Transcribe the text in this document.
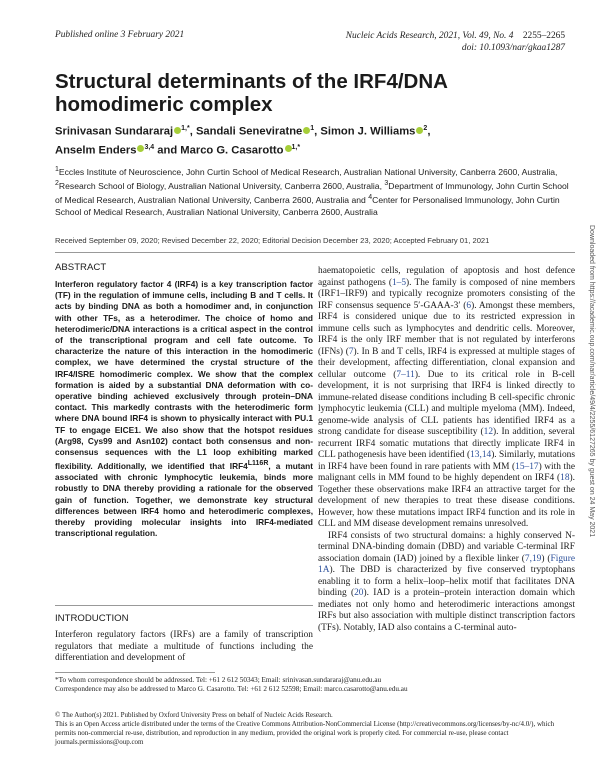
Published online 3 February 2021	Nucleic Acids Research, 2021, Vol. 49, No. 4 2255–2265
doi: 10.1093/nar/gkaa1287
Structural determinants of the IRF4/DNA homodimeric complex
Srinivasan Sundararaj $^{1,*}$, Sandali Seneviratne $^1$, Simon J. Williams $^2$,
Anselm Enders $^{3,4}$ and Marco G. Casarotto $^{1,*}$
$^1$Eccles Institute of Neuroscience, John Curtin School of Medical Research, Australian National University, Canberra 2600, Australia, $^2$Research School of Biology, Australian National University, Canberra 2600, Australia, $^3$Department of Immunology, John Curtin School of Medical Research, Australian National University, Canberra 2600, Australia and $^4$Center for Personalised Immunology, John Curtin School of Medical Research, Australian National University, Canberra 2600, Australia
Received September 09, 2020; Revised December 22, 2020; Editorial Decision December 23, 2020; Accepted February 01, 2021
ABSTRACT
Interferon regulatory factor 4 (IRF4) is a key transcription factor (TF) in the regulation of immune cells, including B and T cells. It acts by binding DNA as both a homodimer and, in conjunction with other TFs, as a heterodimer. The choice of homo and heterodimeric/DNA interactions is a critical aspect in the control of the transcriptional program and cell fate outcome. To characterize the nature of this interaction in the homodimeric complex, we have determined the crystal structure of the IRF4/ISRE homodimeric complex. We show that the complex formation is aided by a substantial DNA deformation with co-operative binding achieved exclusively through protein–DNA contact. This markedly contrasts with the heterodimeric form where DNA bound IRF4 is shown to physically interact with PU.1 TF to engage EICE1. We also show that the hotspot residues (Arg98, Cys99 and Asn102) contact both consensus and non-consensus sequences with the L1 loop exhibiting marked flexibility. Additionally, we identified that $IRF4^{L116R}$, a mutant associated with chronic lymphocytic leukemia, binds more robustly to DNA thereby providing a rationale for the observed gain of function. Together, we demonstrate key structural differences between IRF4 homo and heterodimeric complexes, thereby providing molecular insights into IRF4-mediated transcriptional regulation.
INTRODUCTION
Interferon regulatory factors (IRFs) are a family of transcription regulators that mediate a multitude of functions including the differentiation and development of

haematopoietic cells, regulation of apoptosis and host defence against pathogens (1–5). The family is composed of nine members (IRF1–IRF9) and typically recognize promoters consisting of the IRF consensus sequence 5′-GAAA-3′ (6). Amongst these members, IRF4 is considered unique due to its restricted expression in immune cells such as lymphocytes and dendritic cells. Moreover, IRF4 is the only IRF member that is not regulated by interferons (IFNs) (7). In B and T cells, IRF4 is expressed at multiple stages of their development, affecting differentiation, clonal expansion and cellular outcome (7–11). Due to its critical role in B-cell development, it is not surprising that IRF4 is linked directly to immune-related disease conditions including B cell-specific chronic lymphocytic leukemia (CLL) and multiple myeloma (MM). Indeed, genome-wide analysis of CLL patients has identified IRF4 as a strong candidate for disease susceptibility (12). In addition, several recurrent IRF4 somatic mutations that directly implicate IRF4 in CLL pathogenesis have been identified (13,14). Similarly, mutations in IRF4 have been found in rare patients with MM (15–17) with the malignant cells in MM found to be highly dependent on IRF4 (18). Together these observations make IRF4 an attractive target for the development of new therapies to treat these disease conditions. However, how these mutations impact IRF4 function and its role in CLL and MM disease development remains unresolved.

IRF4 consists of two structural domains: a highly conserved N-terminal DNA-binding domain (DBD) and variable C-terminal IRF association domain (IAD) joined by a flexible linker (7,19) (Figure 1A). The DBD is characterized by five conserved tryptophans enabling it to form a helix–loop–helix motif that facilitates DNA binding (20). IAD is a protein–protein interaction domain which mediates not only homo and heterodimeric interactions amongst IRFs but also association with multiple distinct transcription factors (TFs). Notably, IAD also contains a C-terminal auto-

*To whom correspondence should be addressed. Tel: +61 2 612 50343; Email: srinivasan.sundararaj@anu.edu.au
Correspondence may also be addressed to Marco G. Casarotto. Tel: +61 2 612 52598; Email: marco.casarotto@anu.edu.au
© The Author(s) 2021. Published by Oxford University Press on behalf of Nucleic Acids Research.
This is an Open Access article distributed under the terms of the Creative Commons Attribution-NonCommercial License (http://creativecommons.org/licenses/by-nc/4.0/), which permits non-commercial re-use, distribution, and reproduction in any medium, provided the original work is properly cited. For commercial re-use, please contact journals.permissions@oup.com
Downloaded from https://academic.oup.com/nar/article/49/4/2255/6127265 by guest on 24 May 2021
